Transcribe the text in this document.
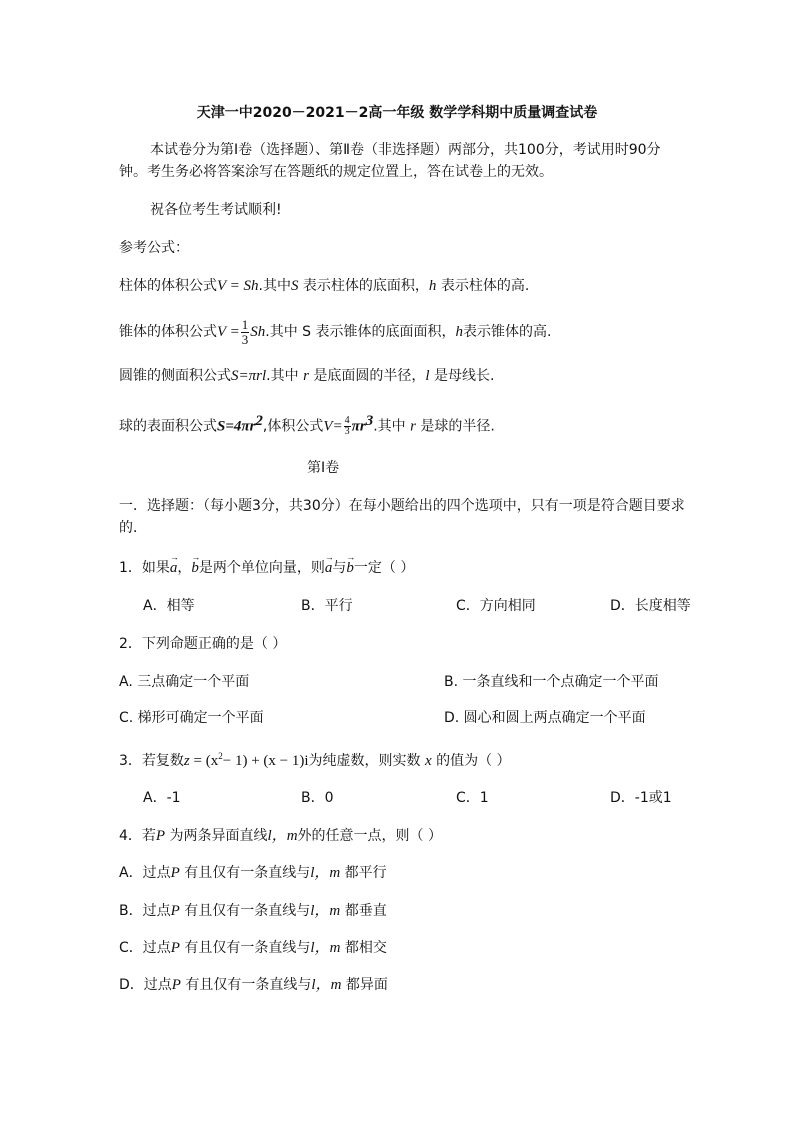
天津一中2020－2021－2高一年级 数学学科期中质量调查试卷
本试卷分为第Ⅰ卷（选择题）、第Ⅱ卷（非选择题）两部分，共100分，考试用时90分
钟。考生务必将答案涂写在答题纸的规定位置上，答在试卷上的无效。
祝各位考生考试顺利!
参考公式：
柱体的体积公式V = Sh.其中S 表示柱体的底面积，h 表示柱体的高.
锥体的体积公式$V = \frac{1}{3} Sh$.其中 S 表示锥体的底面面积，h表示锥体的高.
圆锥的侧面积公式S=πrl.其中 r 是底面圆的半径，l 是母线长.
球的表面积公式$S=4\pi r^2$,体积公式$V= \frac{4}{3} \pi r^3$.其中 r 是球的半径.
第Ⅰ卷
一．选择题：（每小题3分，共30分）在每小题给出的四个选项中，只有一项是符合题目要求
的．
1．如果→ a，→ b是两个单位向量，则→ a与→ b一定（ ）
A．相等	B．平行	C．方向相同	D．长度相等
2．下列命题正确的是（ ）
A. 三点确定一个平面	B. 一条直线和一个点确定一个平面
C. 梯形可确定一个平面	D. 圆心和圆上两点确定一个平面
3．若复数$z = (x^2- 1) + (x - 1)i$为纯虚数，则实数 x 的值为（ ）
A．-1	B．0	C．1	D．-1或1
4．若P 为两条异面直线l，m外的任意一点，则（ ）
A．过点P 有且仅有一条直线与l，m 都平行
B．过点P 有且仅有一条直线与l，m 都垂直
C．过点P 有且仅有一条直线与l，m 都相交
D．过点P 有且仅有一条直线与l，m 都异面
